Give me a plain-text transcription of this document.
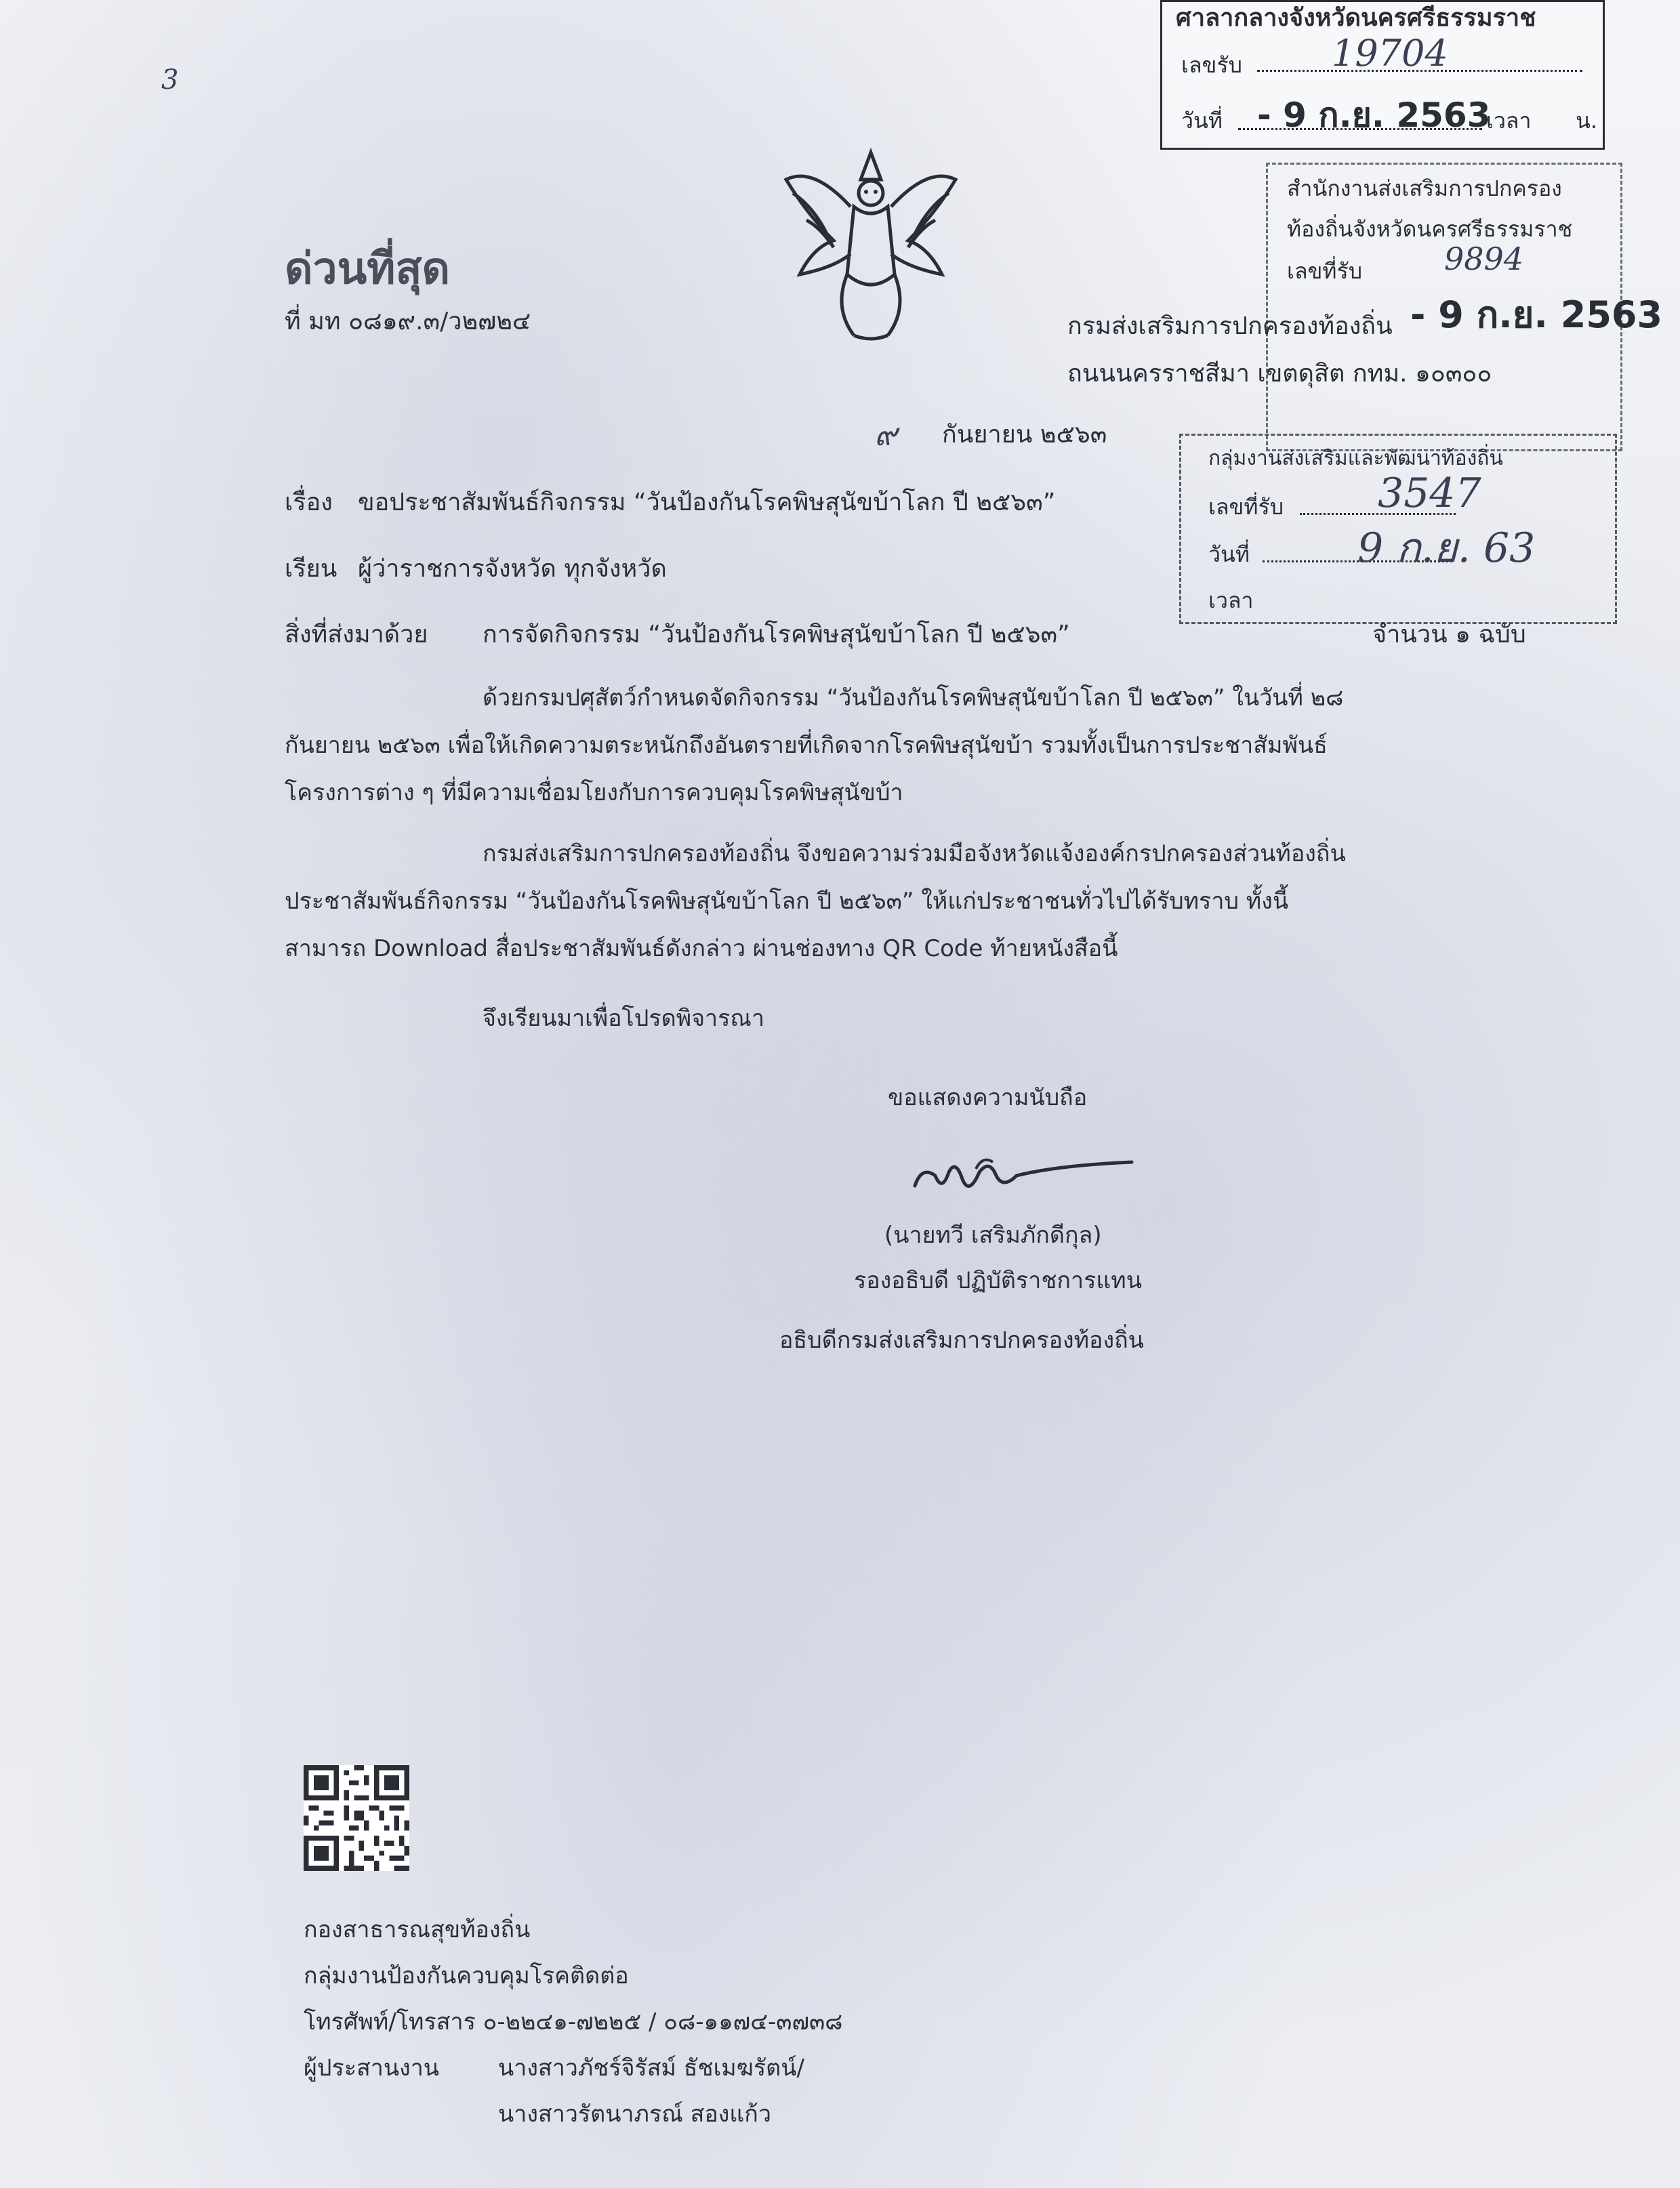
3
ศาลากลางจังหวัดนครศรีธรรมราช
เลขรับ 19704
วันที่ - 9 ก.ย. 2563
เวลา น.
สำนักงานส่งเสริมการปกครอง
ท้องถิ่นจังหวัดนครศรีธรรมราช
เลขที่รับ	9894
- 9 ก.ย. 2563
ด่วนที่สุด
ที่ มท ๐๘๑๙.๓/ว๒๗๒๔	กรมส่งเสริมการปกครองท้องถิ่น
ถนนนครราชสีมา เขตดุสิต กทม. ๑๐๓๐๐
๙ กันยายน ๒๕๖๓
กลุ่มงานส่งเสริมและพัฒนาท้องถิ่น
เลขที่รับ 3547
วันที่	9 ก.ย. 63
เวลา
เรื่อง ขอประชาสัมพันธ์กิจกรรม “วันป้องกันโรคพิษสุนัขบ้าโลก ปี ๒๕๖๓”
เรียน ผู้ว่าราชการจังหวัด ทุกจังหวัด
สิ่งที่ส่งมาด้วย การจัดกิจกรรม “วันป้องกันโรคพิษสุนัขบ้าโลก ปี ๒๕๖๓”	จำนวน ๑ ฉบับ
ด้วยกรมปศุสัตว์กำหนดจัดกิจกรรม “วันป้องกันโรคพิษสุนัขบ้าโลก ปี ๒๕๖๓” ในวันที่ ๒๘
กันยายน ๒๕๖๓ เพื่อให้เกิดความตระหนักถึงอันตรายที่เกิดจากโรคพิษสุนัขบ้า รวมทั้งเป็นการประชาสัมพันธ์
โครงการต่าง ๆ ที่มีความเชื่อมโยงกับการควบคุมโรคพิษสุนัขบ้า
กรมส่งเสริมการปกครองท้องถิ่น จึงขอความร่วมมือจังหวัดแจ้งองค์กรปกครองส่วนท้องถิ่น
ประชาสัมพันธ์กิจกรรม “วันป้องกันโรคพิษสุนัขบ้าโลก ปี ๒๕๖๓” ให้แก่ประชาชนทั่วไปได้รับทราบ ทั้งนี้
สามารถ Download สื่อประชาสัมพันธ์ดังกล่าว ผ่านช่องทาง QR Code ท้ายหนังสือนี้
จึงเรียนมาเพื่อโปรดพิจารณา
ขอแสดงความนับถือ
(นายทวี เสริมภักดีกุล)
รองอธิบดี ปฏิบัติราชการแทน
อธิบดีกรมส่งเสริมการปกครองท้องถิ่น
กองสาธารณสุขท้องถิ่น
กลุ่มงานป้องกันควบคุมโรคติดต่อ
โทรศัพท์/โทรสาร ๐-๒๒๔๑-๗๒๒๕ / ๐๘-๑๑๗๔-๓๗๓๘
ผู้ประสานงาน	นางสาวภัชร์จิรัสม์ ธัชเมฆรัตน์/
นางสาวรัตนาภรณ์ สองแก้ว
